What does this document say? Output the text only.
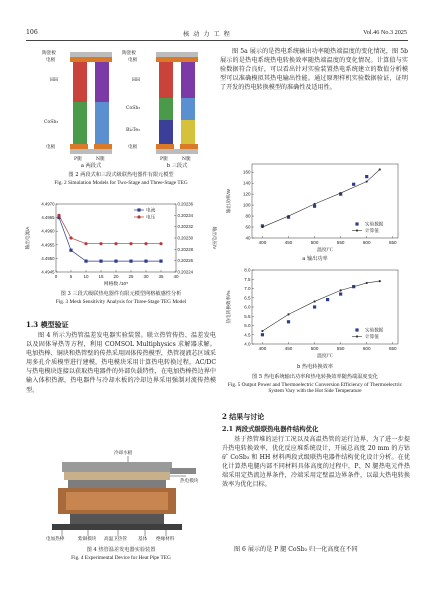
106	核 动 力 工 程	Vol.46 No.3 2025
陶瓷板
电极
HH
CoSb₃
电极
P腿	N腿
a 两段式
陶瓷板
电极
HH
CoSb₃
Bi₂Te₃
电极
P腿	N腿
b 三段式
图 2 两段式和三段式级联热电器件有限元模型
Fig. 2 Simulation Models for Two-Stage and Three-Stage TEG
0	5 10 15 20 25 30 35 40
4.4945
4.4950
4.4955
4.4960
4.4965
4.4970
0.20224
0.20226
0.20228
0.20230
0.20232
0.20234
0.20236
网格数 /10⁵
输出电流/A	输出电压/V
电流
电压
图 3 三段式级联热电器件有限元模型网格敏感性分析
Fig. 3 Mesh Sensitivity Analysis for Three-Stage TEG Model
1.3 模型验证
图 4 所示为热管温差发电器实验装置。联立热管传热、温差发电以及固体导热等方程，利用 COMSOL Multiphysics 求解器求解。电加热棒、铜块和热管壁的传热采用固体传热模型，热管视液芯区域采用多孔介质模型进行建模，热电模块采用计算热电转换过程，AC/DC 与热电模块连接以获取热电器件的外部负载特性，在电加热棒热边界中输入体积热源，热电器件与冷却水板的冷却边界采用强制对流传热模型。
冷却水板
热电模块
电加热棒	紫铜模块 高温卫热管 基体 绝缘材料
图 4 热管温差发电器实验装置
Fig. 4 Experimental Device for Heat Pipe TEG
图 5a 展示的是热电系统输出功率随热端温度的变化情况，图 5b 展示的是热电系统热电转换效率随热端温度的变化情况。计算值与实验数据符合良好，可以看出针对实验装置热电系统建立的数值分析模型可以准确模拟其热电输出性能。通过原理样机实验数据验证，证明了开发的热电转换模型的准确性及适用性。
400	450	500	550	600	650
40
60
80
100
120
140
160
温度/℃
输出功率/W
实验数据
计算值
a 输出功率
400	450	500	550	600	650
4.0
4.5
5.0
5.5
6.0
6.5
7.0
7.5
8.0
温度/℃
热电转换效率/%
实验数据
计算值
b 热电转换效率
图 5 热电系统输出功率和热电转换效率随热端温度变化
Fig. 5 Output Power and Thermoelectric Conversion Efficiency of Thermoelectric System Vary with the Hot Side Temperature
2 结果与讨论
2.1 两段式级联热电器件结构优化
基于热管堆的运行工况以及高温热管的运行边界，为了进一步提升热电转换效率，优化反应堆系统设计，开展总高度 20 mm 的方钴矿 CoSb₃ 和 HH 材料两段式级联热电器件结构优化设计分析。在优化计算热电腿内部不同材料具体高度的过程中，P、N 腿热电元件热端采用定热流边界条件，冷端采用定壁温边界条件，以最大热电转换效率为优化目标。
图 6 展示的是 P 腿 CoSb₃ 归一化高度在不同
